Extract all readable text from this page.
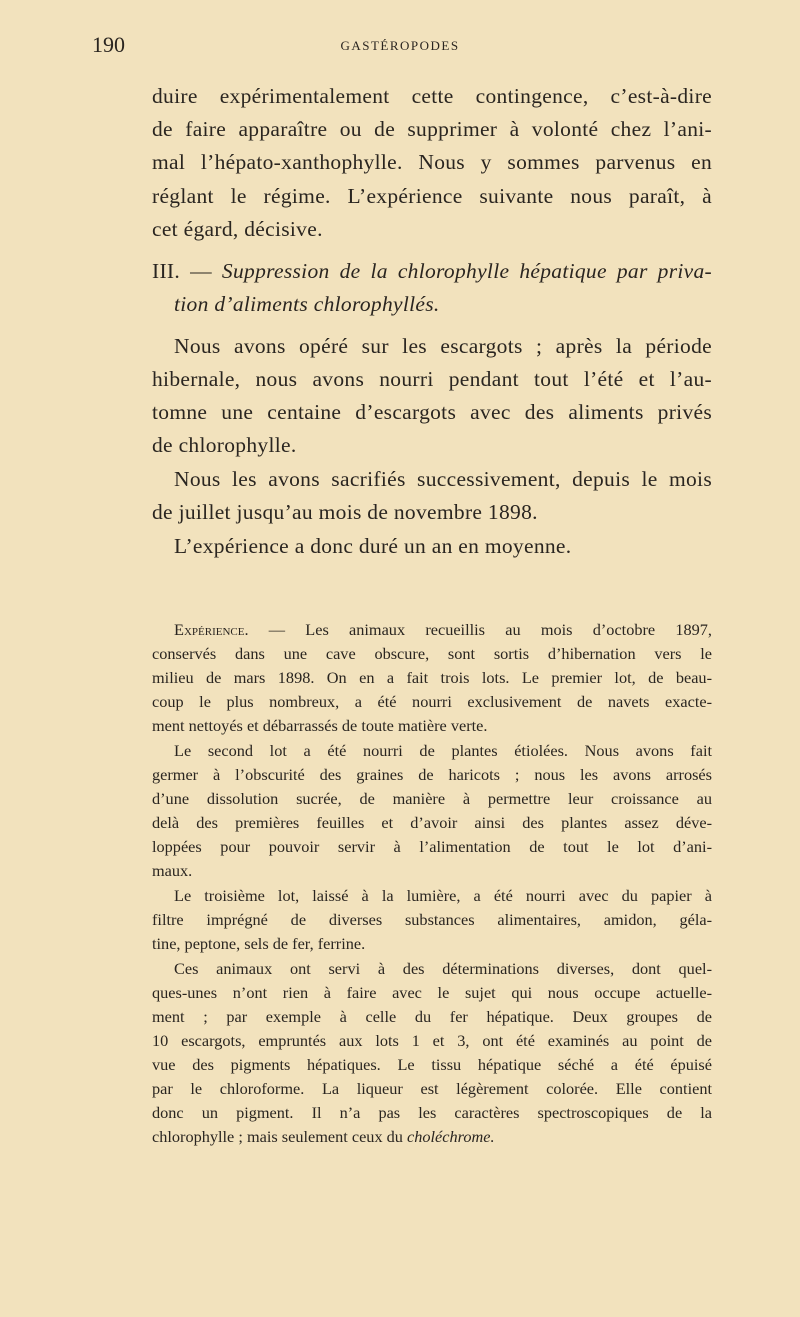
190	GASTÉROPODES
duire expérimentalement cette contingence, c’est-à-dire
de faire apparaître ou de supprimer à volonté chez l’ani-
mal l’hépato-xanthophylle. Nous y sommes parvenus en
réglant le régime. L’expérience suivante nous paraît, à
cet égard, décisive.
III. — Suppression de la chlorophylle hépatique par priva-
tion d’aliments chlorophyllés.
Nous avons opéré sur les escargots ; après la période
hibernale, nous avons nourri pendant tout l’été et l’au-
tomne une centaine d’escargots avec des aliments privés
de chlorophylle.
Nous les avons sacrifiés successivement, depuis le mois
de juillet jusqu’au mois de novembre 1898.
L’expérience a donc duré un an en moyenne.
Expérience. — Les animaux recueillis au mois d’octobre 1897,
conservés dans une cave obscure, sont sortis d’hibernation vers le
milieu de mars 1898. On en a fait trois lots. Le premier lot, de beau-
coup le plus nombreux, a été nourri exclusivement de navets exacte-
ment nettoyés et débarrassés de toute matière verte.
Le second lot a été nourri de plantes étiolées. Nous avons fait
germer à l’obscurité des graines de haricots ; nous les avons arrosés
d’une dissolution sucrée, de manière à permettre leur croissance au
delà des premières feuilles et d’avoir ainsi des plantes assez déve-
loppées pour pouvoir servir à l’alimentation de tout le lot d’ani-
maux.
Le troisième lot, laissé à la lumière, a été nourri avec du papier à
filtre imprégné de diverses substances alimentaires, amidon, géla-
tine, peptone, sels de fer, ferrine.
Ces animaux ont servi à des déterminations diverses, dont quel-
ques-unes n’ont rien à faire avec le sujet qui nous occupe actuelle-
ment ; par exemple à celle du fer hépatique. Deux groupes de
10 escargots, empruntés aux lots 1 et 3, ont été examinés au point de
vue des pigments hépatiques. Le tissu hépatique séché a été épuisé
par le chloroforme. La liqueur est légèrement colorée. Elle contient
donc un pigment. Il n’a pas les caractères spectroscopiques de la
chlorophylle ; mais seulement ceux du choléchrome.
